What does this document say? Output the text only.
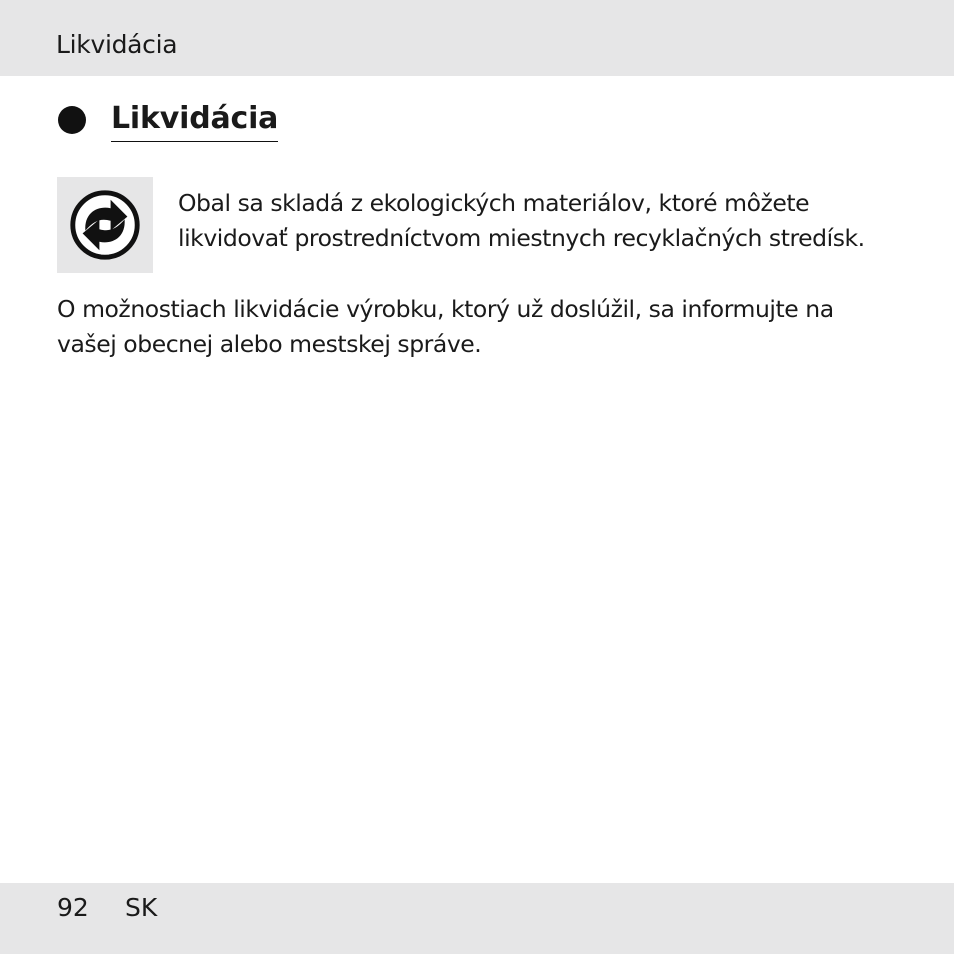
Likvidácia
Likvidácia
Obal sa skladá z ekologických materiálov, ktoré môžete
likvidovať prostredníctvom miestnych recyklačných stredísk.
O možnostiach likvidácie výrobku, ktorý už doslúžil, sa informujte na
vašej obecnej alebo mestskej správe.
92 SK
